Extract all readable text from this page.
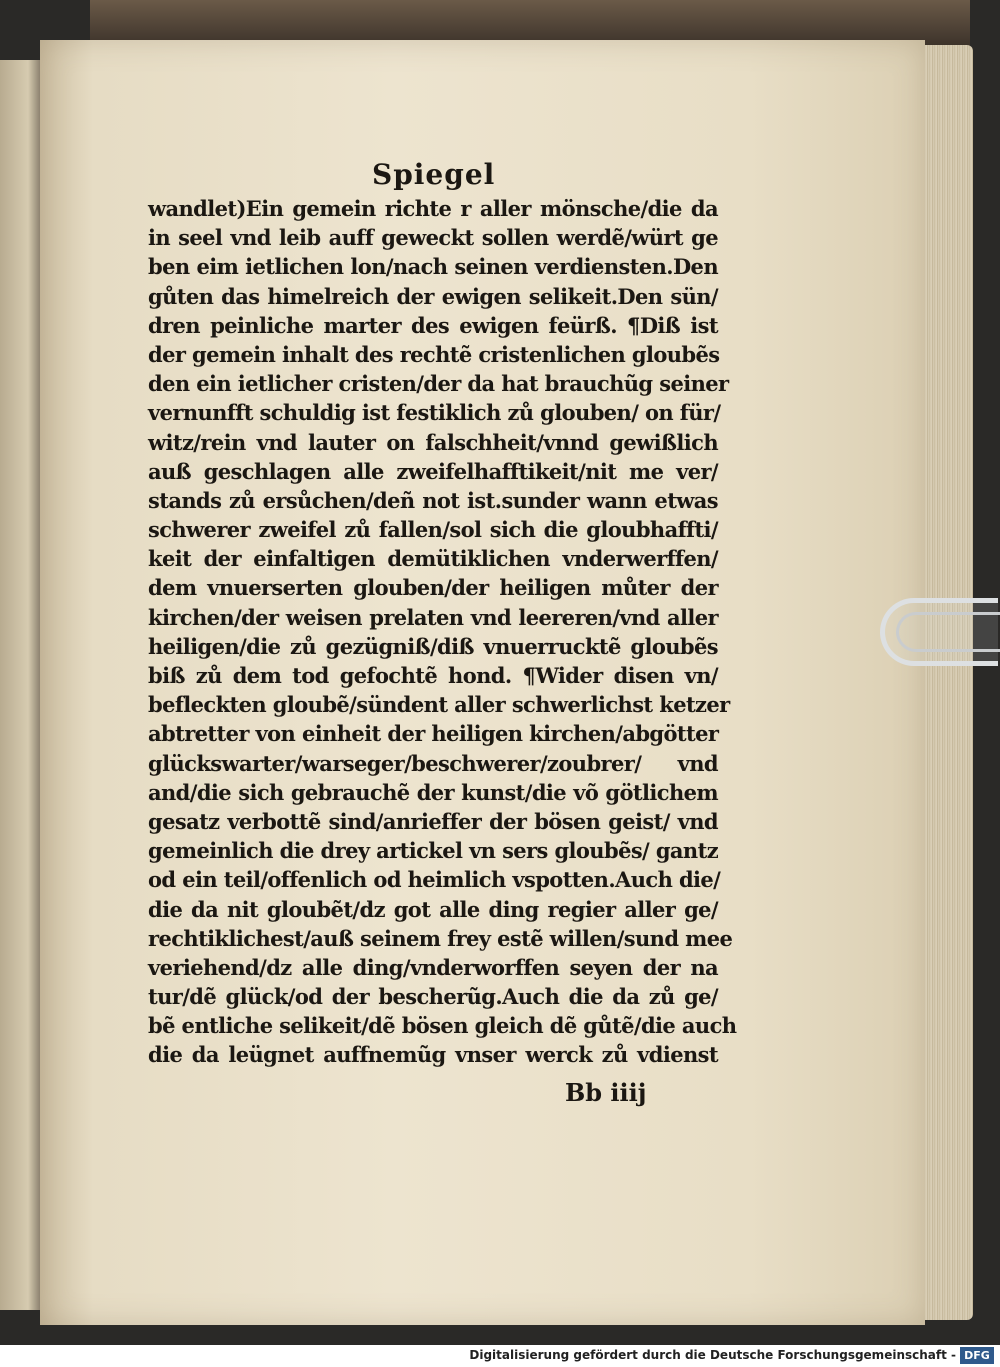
Spiegel
wandlet)Ein gemein richte r aller mönsche/die da
in seel vnd leib auff geweckt sollen werdẽ/würt ge
ben eim ietlichen lon/nach seinen verdiensten.Den
gůten das himelreich der ewigen selikeit.Den sün/
dren peinliche marter des ewigen feürß. ¶Diß ist
der gemein inhalt des rechtẽ cristenlichen gloubẽs
den ein ietlicher cristen/der da hat brauchũg seiner
vernunfft schuldig ist festiklich zů glouben/ on für/
witz/rein vnd lauter on falschheit/vnnd gewißlich
auß geschlagen alle zweifelhafftikeit/nit me ver/
stands zů ersůchen/deñ not ist.sunder wann etwas
schwerer zweifel zů fallen/sol sich die gloubhaffti/
keit der einfaltigen demütiklichen vnderwerffen/
dem vnuerserten glouben/der heiligen můter der
kirchen/der weisen prelaten vnd leereren/vnd aller
heiligen/die zů gezügniß/diß vnuerrucktẽ gloubẽs
biß zů dem tod gefochtẽ hond. ¶Wider disen vn/
befleckten gloubẽ/sündent aller schwerlichst ketzer
abtretter von einheit der heiligen kirchen/abgötter
glückswarter/warseger/beschwerer/zoubrer/ vnd
and/die sich gebrauchẽ der kunst/die võ götlichem
gesatz verbottẽ sind/anrieffer der bösen geist/ vnd
gemeinlich die drey artickel vn sers gloubẽs/ gantz
od ein teil/offenlich od heimlich vspotten.Auch die/
die da nit gloubẽt/dz got alle ding regier aller ge/
rechtiklichest/auß seinem frey estẽ willen/sund mee
veriehend/dz alle ding/vnderworffen seyen der na
tur/dẽ glück/od der bescherũg.Auch die da zů ge/
bẽ entliche selikeit/dẽ bösen gleich dẽ gůtẽ/die auch
die da leügnet auffnemũg vnser werck zů vdienst
Bb iiij
Digitalisierung gefördert durch die Deutsche Forschungsgemeinschaft - DFG
